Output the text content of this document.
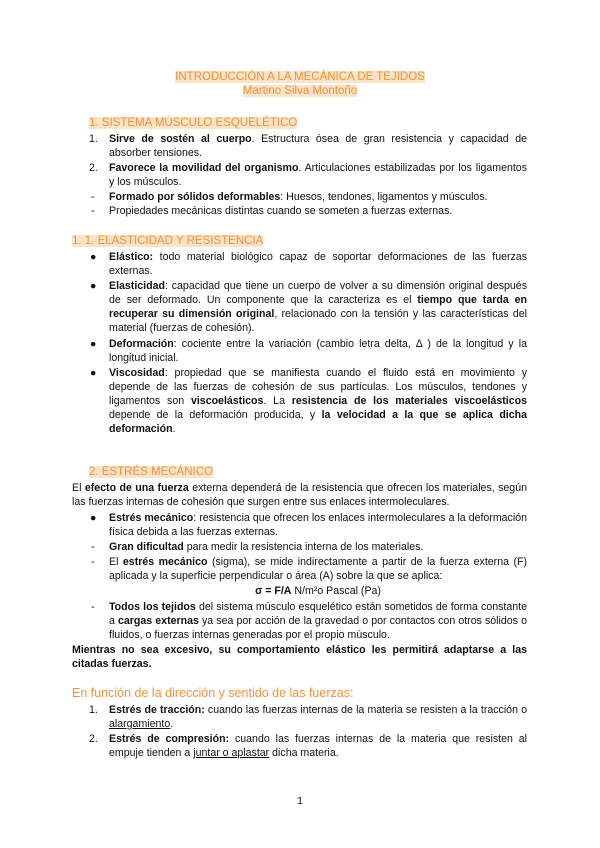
INTRODUCCIÓN A LA MECÁNICA DE TEJIDOS
Martino Silva Montoño
1. SISTEMA MÚSCULO ESQUELÉTICO
1. Sirve de sostén al cuerpo. Estructura ósea de gran resistencia y capacidad de absorber tensiones.
2. Favorece la movilidad del organismo. Articulaciones estabilizadas por los ligamentos y los músculos.
- Formado por sólidos deformables: Huesos, tendones, ligamentos y músculos.
- Propiedades mecánicas distintas cuando se someten a fuerzas externas.
1. 1. ELASTICIDAD Y RESISTENCIA
● Elástico: todo material biológico capaz de soportar deformaciones de las fuerzas externas.
● Elasticidad: capacidad que tiene un cuerpo de volver a su dimensión original después de ser deformado. Un componente que la caracteriza es el tiempo que tarda en recuperar su dimensión original, relacionado con la tensión y las características del material (fuerzas de cohesión).
● Deformación: cociente entre la variación (cambio letra delta, Δ ) de la longitud y la longitud inicial.
● Viscosidad: propiedad que se manifiesta cuando el fluido está en movimiento y depende de las fuerzas de cohesión de sus partículas. Los músculos, tendones y ligamentos son viscoelásticos. La resistencia de los materiales viscoelásticos depende de la deformación producida, y la velocidad a la que se aplica dicha deformación.
2. ESTRÉS MECÁNICO
El efecto de una fuerza externa dependerá de la resistencia que ofrecen los materiales, según las fuerzas internas de cohesión que surgen entre sus enlaces intermoleculares.
● Estrés mecánico: resistencia que ofrecen los enlaces intermoleculares a la deformación física debida a las fuerzas externas.
- Gran dificultad para medir la resistencia interna de los materiales.
- El estrés mecánico (sigma), se mide indirectamente a partir de la fuerza externa (F) aplicada y la superficie perpendicular o área (A) sobre la que se aplica:
σ = F/A N/m²o Pascal (Pa)
- Todos los tejidos del sistema músculo esquelético están sometidos de forma constante a cargas externas ya sea por acción de la gravedad o por contactos con otros sólidos o fluidos, o fuerzas internas generadas por el propio músculo.
Mientras no sea excesivo, su comportamiento elástico les permitirá adaptarse a las citadas fuerzas.
En función de la dirección y sentido de las fuerzas:
1. Estrés de tracción: cuando las fuerzas internas de la materia se resisten a la tracción o alargamiento.
2. Estrés de compresión: cuando las fuerzas internas de la materia que resisten al empuje tienden a juntar o aplastar dicha materia.
1
